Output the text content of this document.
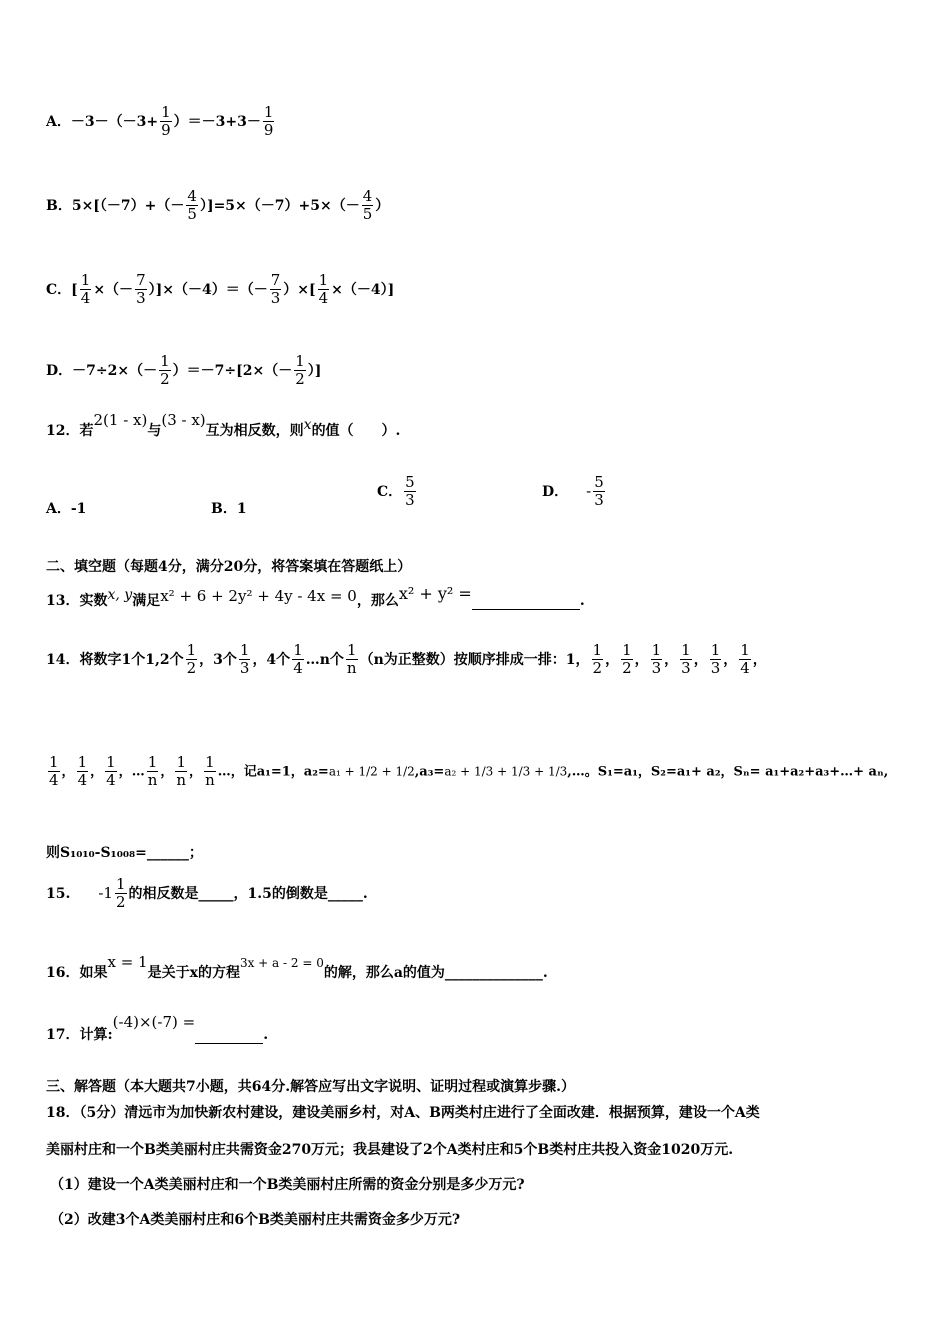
A．$-3-(-3+ \frac{1}{9} )=-3+3- \frac{1}{9}$
B．$5\times[(-7)+(- \frac{4}{5} )]=5\times(-7)+5\times(- \frac{4}{5}$ ）
C．[ $\frac{1}{4}$ ×（－ $\frac{7}{3} )]\times(-4)=(- \frac{7}{3}$ ）×[ $\frac{1}{4} \times(-4)$]
D．$-7\div 2\times(- \frac{1}{2} )=-7\div[2\times(- \frac{1}{2}$ ）]
12．若2(1 - x)与(3 - x)互为相反数，则x的值（　　）.
A．-1	B．1
C． $\frac{5}{3}$	D． - $\frac{5}{3}$
二、填空题（每题4分，满分20分，将答案填在答题纸上）
13．实数x, y满足x² + 6 + 2y² + 4y - 4x = 0，那么x² + y² =	.
14．将数字1个1,2个 $\frac{1}{2}$ ，3个 $\frac{1}{3}$ ，4个 $\frac{1}{4}$ …n个 $\frac{1}{n} (n$为正整数）按顺序排成一排：1， $\frac{1}{2}$ ， $\frac{1}{2}$ ， $\frac{1}{3}$ ， $\frac{1}{3}$ ， $\frac{1}{3}$ ， $\frac{1}{4}$ ，
$\frac{1}{4}$ ， $\frac{1}{4}$ ， $\frac{1}{4}$ ，… $\frac{1}{n}$ ， $\frac{1}{n}$ ， $\frac{1}{n}$ …，记a₁=1，a₂=a₁ + 1/2 + 1/2,a₃=a₂ + 1/3 + 1/3 + 1/3,…。S₁=a₁，S₂=a₁+ a₂，Sₙ= a₁+a₂+a₃+…+ aₙ,
则S₁₀₁₀-S₁₀₀₈=______；
15. $-1 \frac{1}{2}$ 的相反数是_____，1.5的倒数是_____.
16．如果x = 1是关于x的方程3x + a - 2 = 0的解，那么a的值为______________.
17．计算:(-4)×(-7) = .
三、解答题（本大题共7小题，共64分.解答应写出文字说明、证明过程或演算步骤.）
18．（5分）清远市为加快新农村建设，建设美丽乡村，对A、B两类村庄进行了全面改建．根据预算，建设一个A类
美丽村庄和一个B类美丽村庄共需资金270万元；我县建设了2个A类村庄和5个B类村庄共投入资金1020万元.
（1）建设一个A类美丽村庄和一个B类美丽村庄所需的资金分别是多少万元?
（2）改建3个A类美丽村庄和6个B类美丽村庄共需资金多少万元?
